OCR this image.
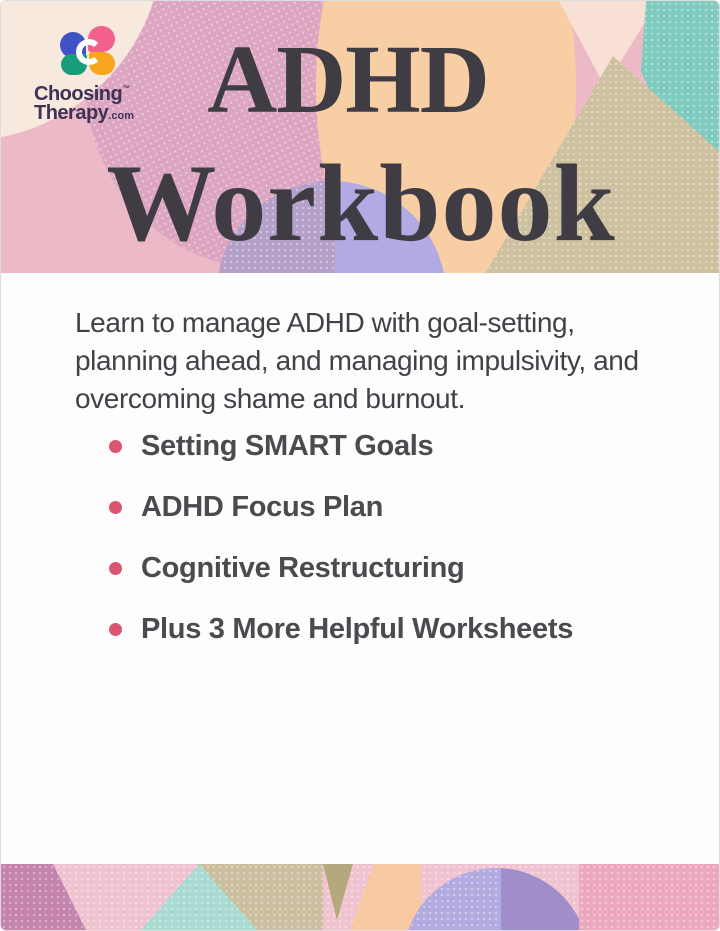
Choosing™
Therapy.com ADHD
Workbook
Learn to manage ADHD with goal-setting,
planning ahead, and managing impulsivity, and
overcoming shame and burnout.
Setting SMART Goals
ADHD Focus Plan
Cognitive Restructuring
Plus 3 More Helpful Worksheets
